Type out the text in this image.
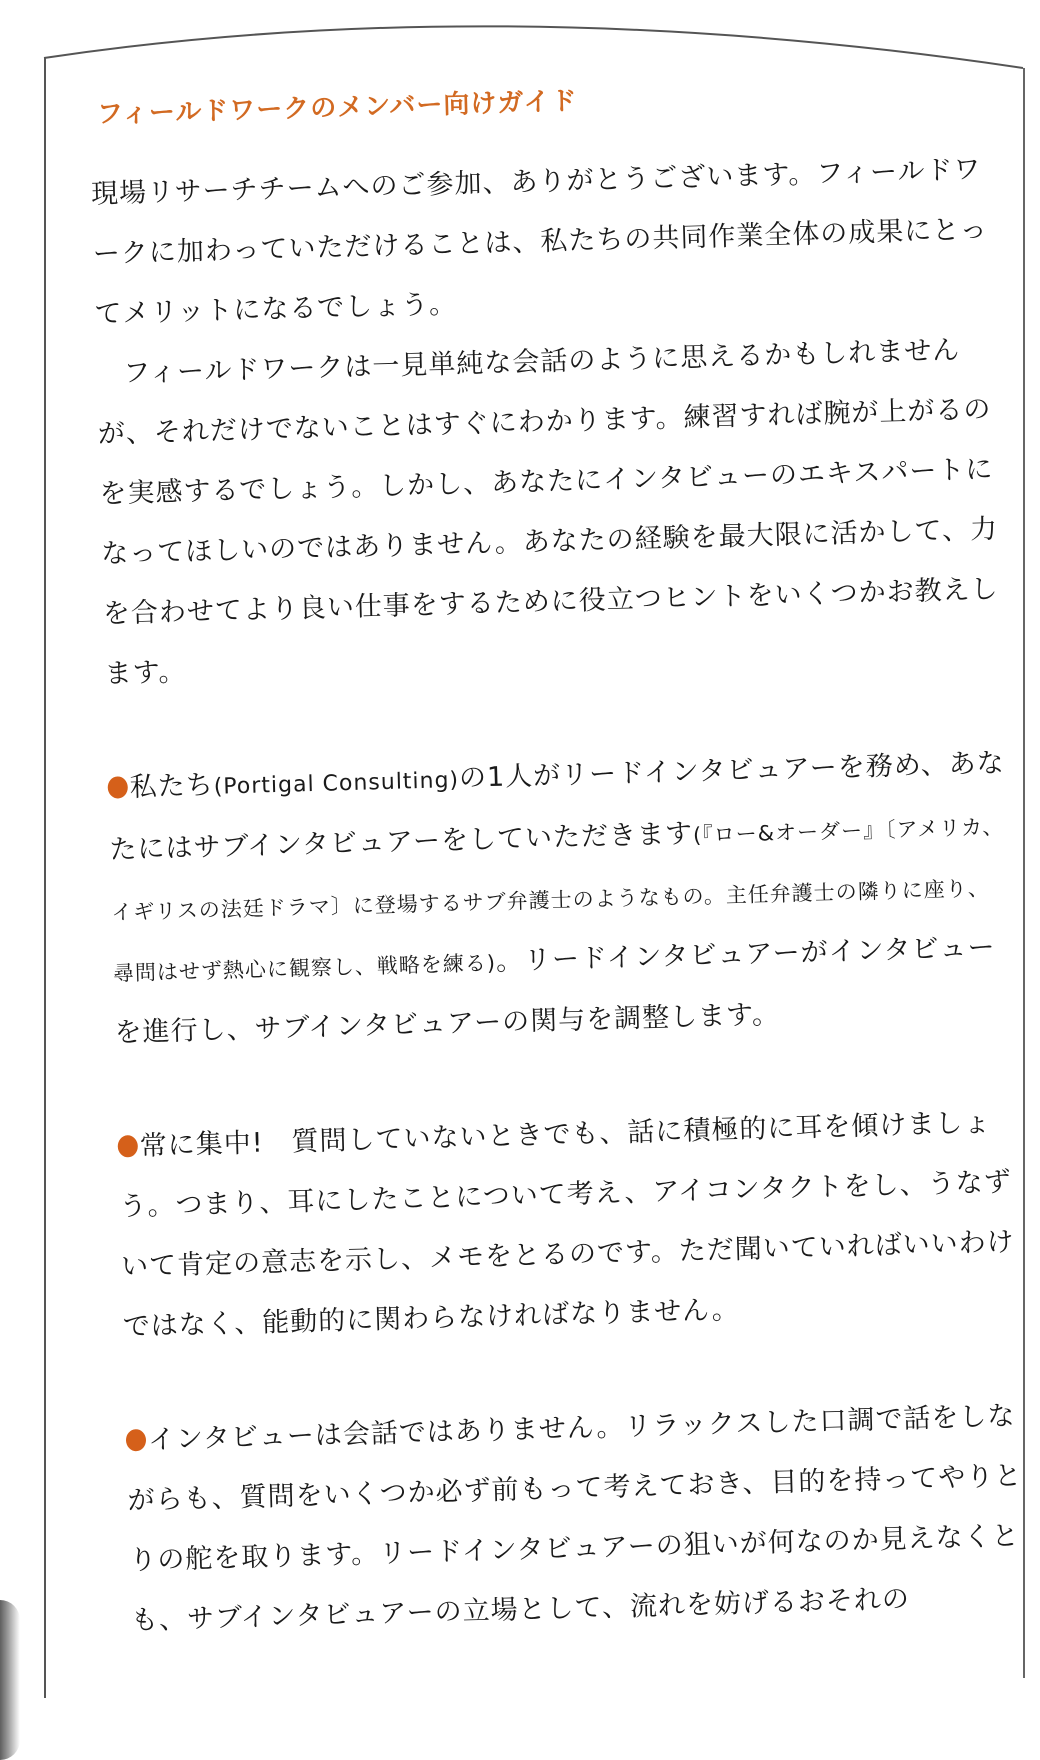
フィールドワークのメンバー向けガイド

現場リサーチチームへのご参加、ありがとうございます。フィールドワークに加わっていただけることは、私たちの共同作業全体の成果にとってメリットになるでしょう。

フィールドワークは一見単純な会話のように思えるかもしれませんが、それだけでないことはすぐにわかります。練習すれば腕が上がるのを実感するでしょう。しかし、あなたにインタビューのエキスパートになってほしいのではありません。あなたの経験を最大限に活かして、力を合わせてより良い仕事をするために役立つヒントをいくつかお教えします。

私たち(Portigal Consulting)の1人がリードインタビュアーを務め、あなたにはサブインタビュアーをしていただきます(『ロー&オーダー』〔アメリカ、イギリスの法廷ドラマ〕に登場するサブ弁護士のようなもの。主任弁護士の隣りに座り、尋問はせず熱心に観察し、戦略を練る)。リードインタビュアーがインタビューを進行し、サブインタビュアーの関与を調整します。

常に集中!　 質問していないときでも、話に積極的に耳を傾けましょう。つまり、耳にしたことについて考え、アイコンタクトをし、うなずいて肯定の意志を示し、メモをとるのです。ただ聞いていればいいわけではなく、能動的に関わらなければなりません。

インタビューは会話ではありません。リラックスした口調で話をしながらも、質問をいくつか必ず前もって考えておき、目的を持ってやりとりの舵を取ります。リードインタビュアーの狙いが何なのか見えなくとも、サブインタビュアーの立場として、流れを妨げるおそれの
